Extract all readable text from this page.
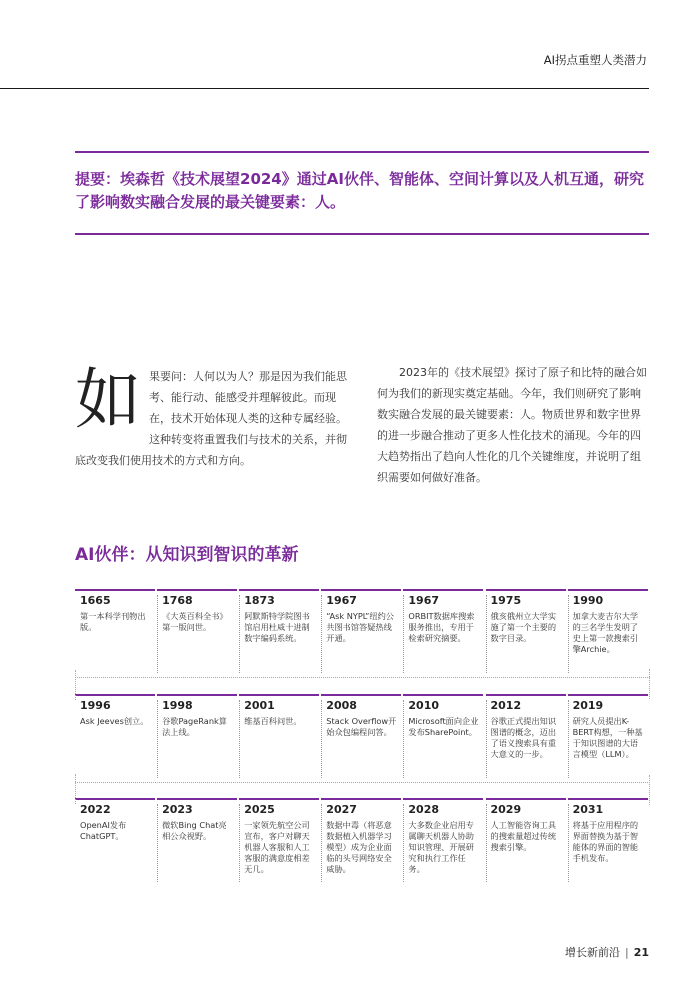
AI拐点重塑人类潜力
提要：埃森哲《技术展望2024》通过AI伙伴、智能体、空间计算以及人机互通，研究了影响数实融合发展的最关键要素：人。
如 果要问：人何以为人？那是因为我们能思考、能行动、能感受并理解彼此。而现在，技术开始体现人类的这种专属经验。这种转变将重置我们与技术的关系，并彻底改变我们使用技术的方式和方向。
2023年的《技术展望》探讨了原子和比特的融合如何为我们的新现实奠定基础。今年，我们则研究了影响数实融合发展的最关键要素：人。物质世界和数字世界的进一步融合推动了更多人性化技术的涌现。今年的四大趋势指出了趋向人性化的几个关键维度，并说明了组织需要如何做好准备。
AI伙伴：从知识到智识的革新
1665
第一本科学刊物出版。
1768
《大英百科全书》第一版问世。
1873
阿默斯特学院图书馆启用杜威十进制数字编码系统。
1967
“Ask NYPL”纽约公共图书馆答疑热线开通。
1967
ORBIT数据库搜索服务推出，专用于检索研究摘要。
1975
俄亥俄州立大学实施了第一个主要的数字目录。
1990
加拿大麦吉尔大学的三名学生发明了史上第一款搜索引擎Archie。
1996
Ask Jeeves创立。
1998
谷歌PageRank算法上线。
2001
维基百科问世。
2008
Stack Overflow开始众包编程问答。
2010
Microsoft面向企业发布SharePoint。
2012
谷歌正式提出知识图谱的概念，迈出了语义搜索具有重大意义的一步。
2019
研究人员提出K-BERT构想，一种基于知识图谱的大语言模型（LLM）。
2022
OpenAI发布ChatGPT。
2023
微软Bing Chat亮相公众视野。
2025
一家领先航空公司宣布，客户对聊天机器人客服和人工客服的满意度相差无几。
2027
数据中毒（将恶意数据植入机器学习模型）成为企业面临的头号网络安全威胁。
2028
大多数企业启用专属聊天机器人协助知识管理、开展研究和执行工作任务。
2029
人工智能咨询工具的搜索量超过传统搜索引擎。
2031
将基于应用程序的界面替换为基于智能体的界面的智能手机发布。
增长新前沿 | 21
